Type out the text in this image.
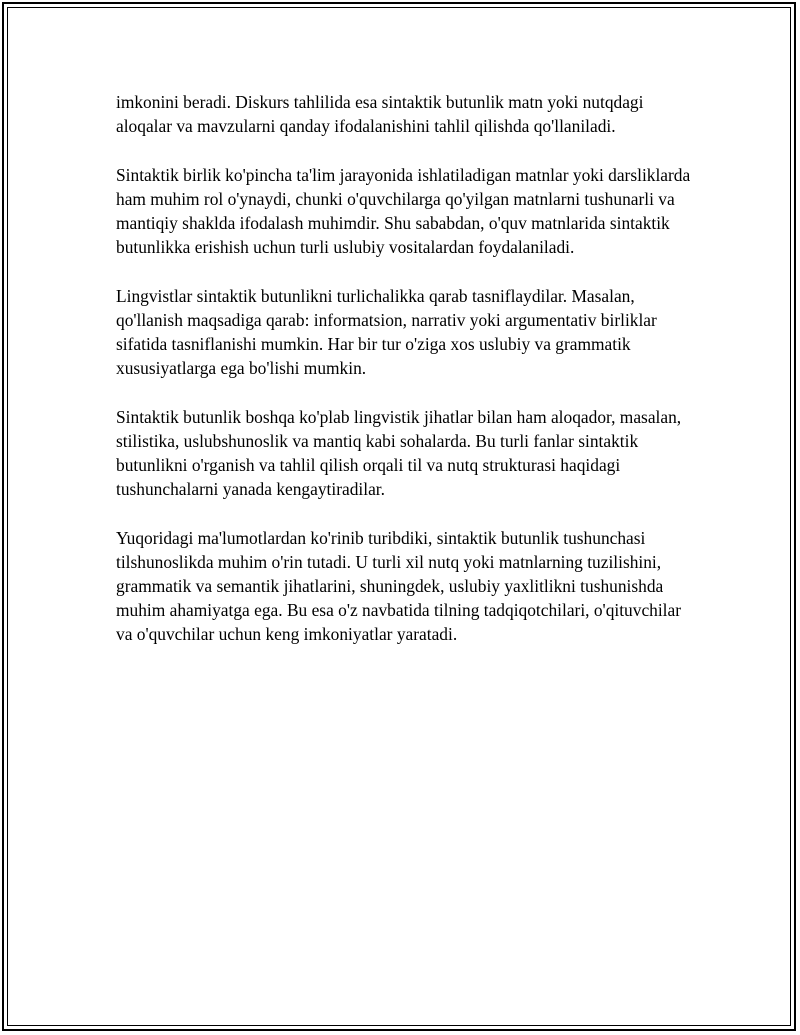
imkonini beradi. Diskurs tahlilida esa sintaktik butunlik matn yoki nutqdagi aloqalar va mavzularni qanday ifodalanishini tahlil qilishda qo'llaniladi.

Sintaktik birlik ko'pincha ta'lim jarayonida ishlatiladigan matnlar yoki darsliklarda ham muhim rol o'ynaydi, chunki o'quvchilarga qo'yilgan matnlarni tushunarli va mantiqiy shaklda ifodalash muhimdir. Shu sababdan, o'quv matnlarida sintaktik butunlikka erishish uchun turli uslubiy vositalardan foydalaniladi.

Lingvistlar sintaktik butunlikni turlichalikka qarab tasniflaydilar. Masalan, qo'llanish maqsadiga qarab: informatsion, narrativ yoki argumentativ birliklar sifatida tasniflanishi mumkin. Har bir tur o'ziga xos uslubiy va grammatik xususiyatlarga ega bo'lishi mumkin.

Sintaktik butunlik boshqa ko'plab lingvistik jihatlar bilan ham aloqador, masalan, stilistika, uslubshunoslik va mantiq kabi sohalarda. Bu turli fanlar sintaktik butunlikni o'rganish va tahlil qilish orqali til va nutq strukturasi haqidagi tushunchalarni yanada kengaytiradilar.

Yuqoridagi ma'lumotlardan ko'rinib turibdiki, sintaktik butunlik tushunchasi tilshunoslikda muhim o'rin tutadi. U turli xil nutq yoki matnlarning tuzilishini, grammatik va semantik jihatlarini, shuningdek, uslubiy yaxlitlikni tushunishda muhim ahamiyatga ega. Bu esa o'z navbatida tilning tadqiqotchilari, o'qituvchilar va o'quvchilar uchun keng imkoniyatlar yaratadi.
